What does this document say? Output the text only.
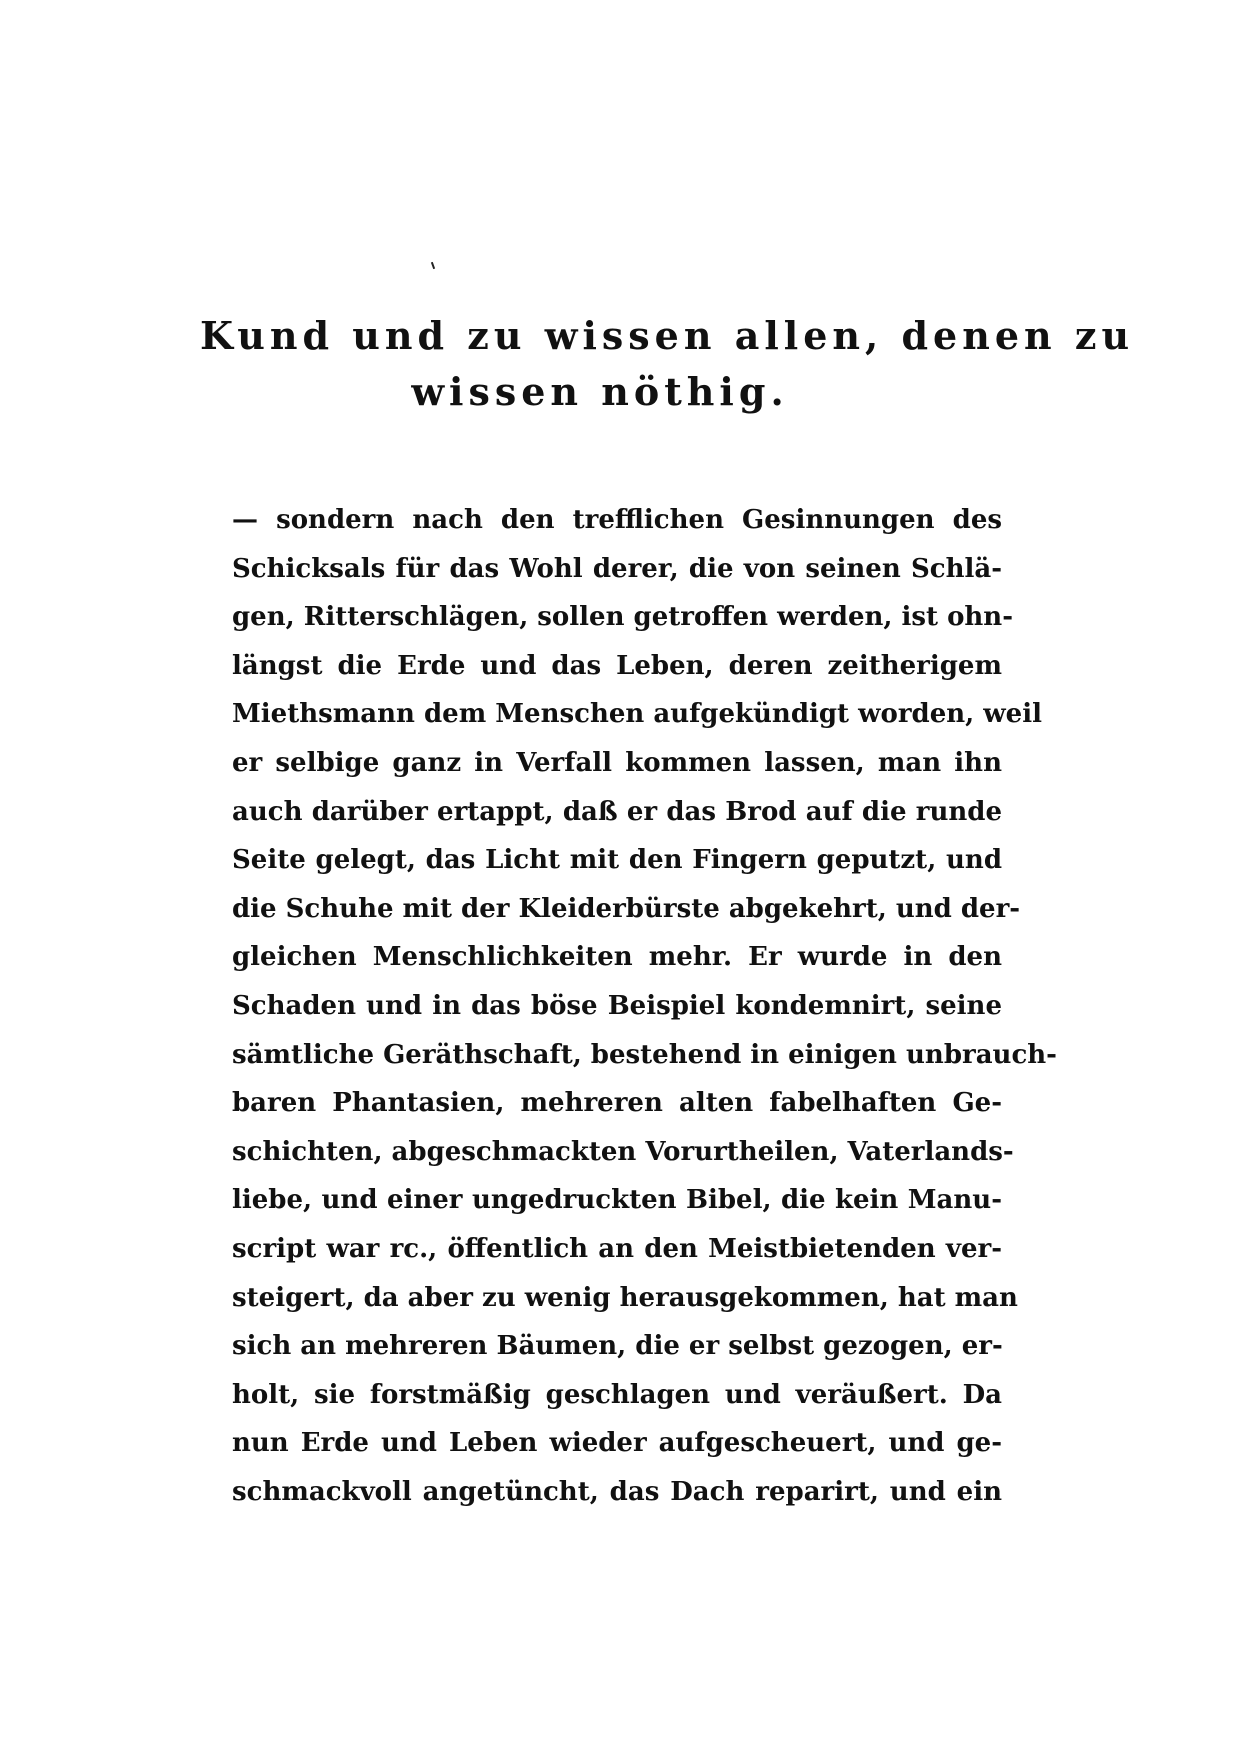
Kund und zu wissen allen, denen zu
wissen nöthig.
— sondern nach den trefflichen Gesinnungen des
Schicksals für das Wohl derer, die von seinen Schlä-
gen, Ritterschlägen, sollen getroffen werden, ist ohn-
längst die Erde und das Leben, deren zeitherigem
Miethsmann dem Menschen aufgekündigt worden, weil
er selbige ganz in Verfall kommen lassen, man ihn
auch darüber ertappt, daß er das Brod auf die runde
Seite gelegt, das Licht mit den Fingern geputzt, und
die Schuhe mit der Kleiderbürste abgekehrt, und der-
gleichen Menschlichkeiten mehr. Er wurde in den
Schaden und in das böse Beispiel kondemnirt, seine
sämtliche Geräthschaft, bestehend in einigen unbrauch-
baren Phantasien, mehreren alten fabelhaften Ge-
schichten, abgeschmackten Vorurtheilen, Vaterlands-
liebe, und einer ungedruckten Bibel, die kein Manu-
script war rc., öffentlich an den Meistbietenden ver-
steigert, da aber zu wenig herausgekommen, hat man
sich an mehreren Bäumen, die er selbst gezogen, er-
holt, sie forstmäßig geschlagen und veräußert. Da
nun Erde und Leben wieder aufgescheuert, und ge-
schmackvoll angetüncht, das Dach reparirt, und ein
